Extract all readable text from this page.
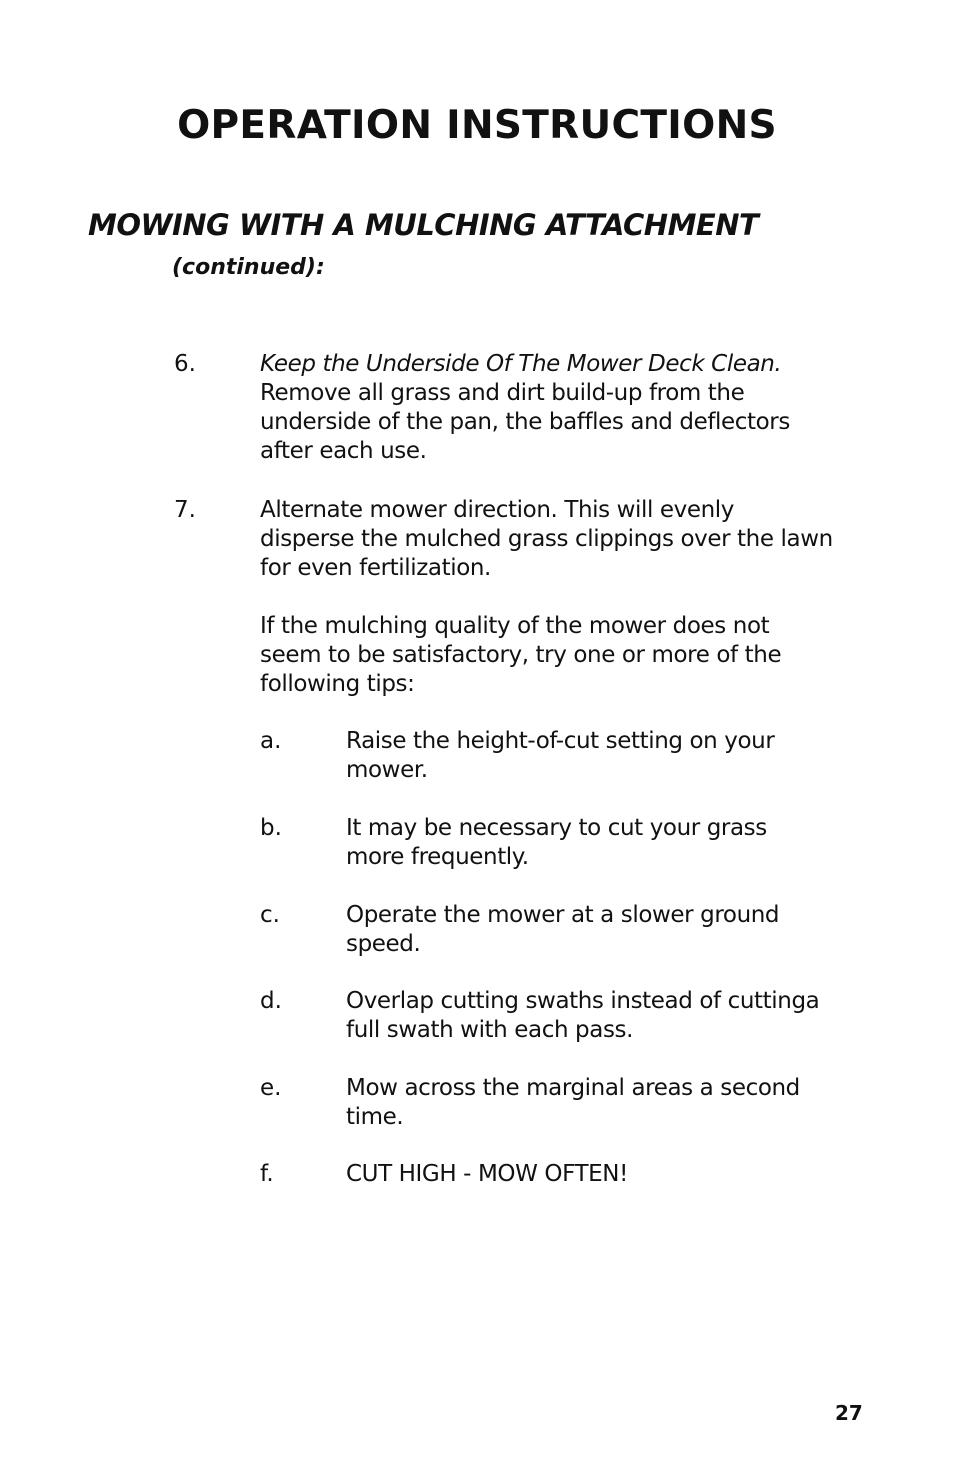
OPERATION INSTRUCTIONS
MOWING WITH A MULCHING ATTACHMENT
(continued):
6.	Keep the Underside Of The Mower Deck Clean.
Remove all grass and dirt build-up from the underside of the pan, the baffles and deflectors after each use.
7.	Alternate mower direction. This will evenly disperse the mulched grass clippings over the lawn for even fertilization.
If the mulching quality of the mower does not seem to be satisfactory, try one or more of the following tips:
a.	Raise the height-of-cut setting on your mower.
b.	It may be necessary to cut your grass more frequently.
c.	Operate the mower at a slower ground speed.
d.	Overlap cutting swaths instead of cuttinga full swath with each pass.
e.	Mow across the marginal areas a second time.
f.	CUT HIGH - MOW OFTEN!
27
